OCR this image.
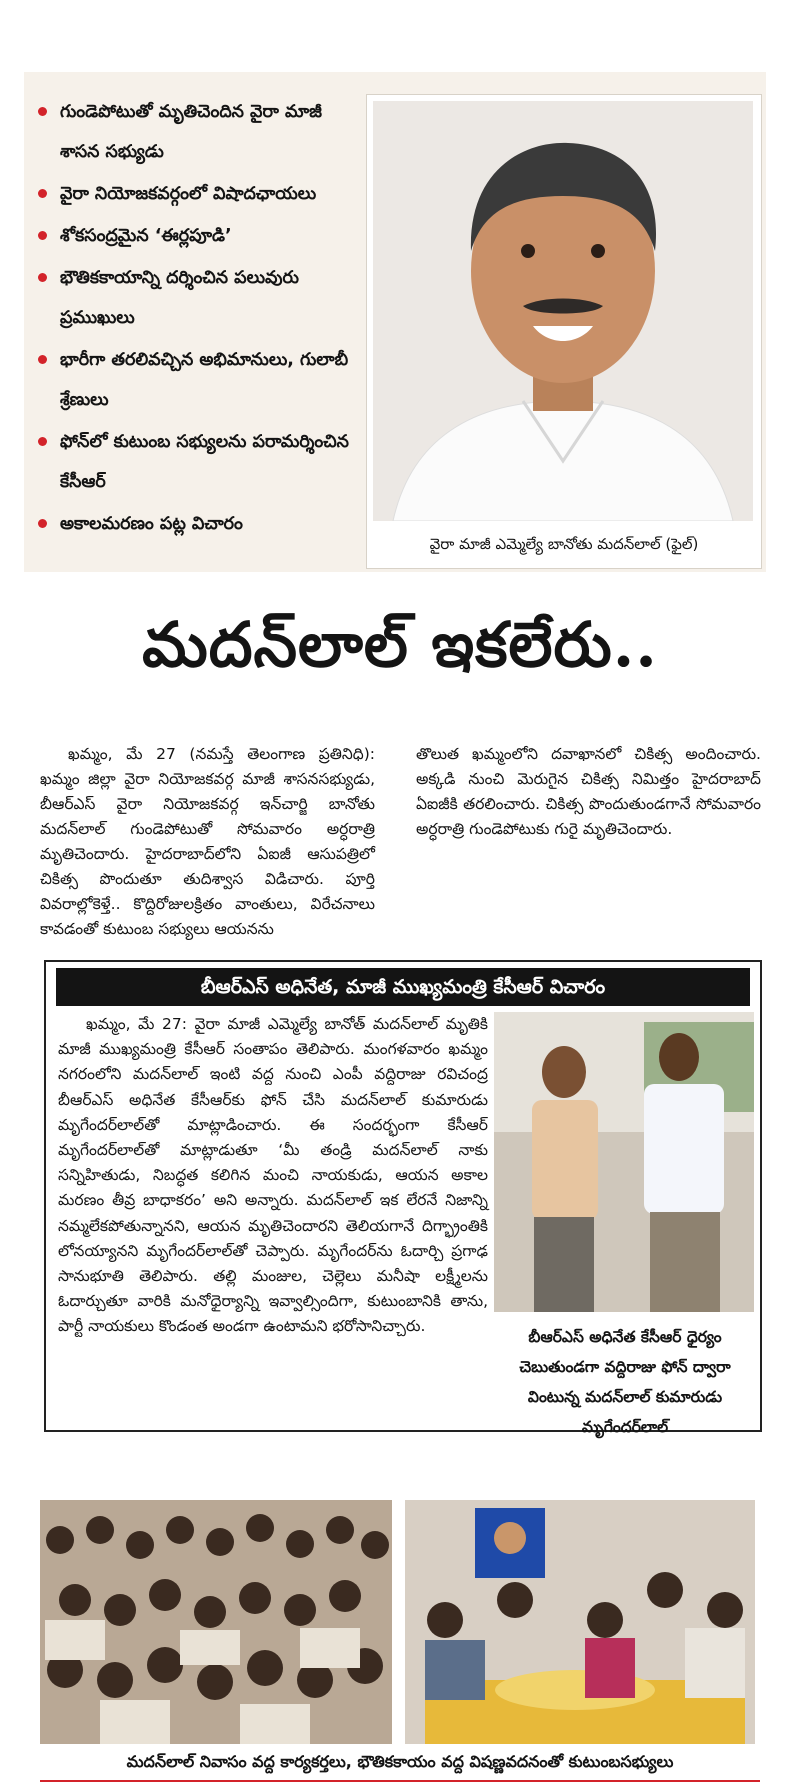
గుండెపోటుతో మృతిచెందిన వైరా మాజీ శాసన సభ్యుడు
వైరా నియోజకవర్గంలో విషాదఛాయలు
శోకసంద్రమైన ‘ఈర్లపూడి’
భౌతికకాయాన్ని దర్శించిన పలువురు ప్రముఖులు
భారీగా తరలివచ్చిన అభిమానులు, గులాబీ శ్రేణులు
ఫోన్‌లో కుటుంబ సభ్యులను పరామర్శించిన కేసీఆర్
అకాలమరణం పట్ల విచారం
వైరా మాజీ ఎమ్మెల్యే బానోతు మదన్‌లాల్ (ఫైల్)
మదన్‌లాల్ ఇకలేరు..
ఖమ్మం, మే 27 (నమస్తే తెలంగాణ ప్రతినిధి): ఖమ్మం జిల్లా వైరా నియోజకవర్గ మాజీ శాసనసభ్యుడు, బీఆర్‌ఎస్ వైరా నియోజకవర్గ ఇన్‌చార్జి బానోతు మదన్‌లాల్ గుండెపోటుతో సోమవారం అర్ధరాత్రి మృతిచెందారు. హైదరాబాద్‌లోని ఏఐజీ ఆసుపత్రిలో చికిత్స పొందుతూ తుదిశ్వాస విడిచారు. పూర్తి వివరాల్లోకెళ్తే.. కొద్దిరోజులక్రితం వాంతులు, విరేచనాలు కావడంతో కుటుంబ సభ్యులు ఆయనను
తొలుత ఖమ్మంలోని దవాఖానలో చికిత్స అందించారు. అక్కడి నుంచి మెరుగైన చికిత్స నిమిత్తం హైదరాబాద్ ఏఐజీకి తరలించారు. చికిత్స పొందుతుండగానే సోమవారం అర్ధరాత్రి గుండెపోటుకు గురై మృతిచెందారు.
బీఆర్‌ఎస్ అధినేత, మాజీ ముఖ్యమంత్రి కేసీఆర్ విచారం
ఖమ్మం, మే 27: వైరా మాజీ ఎమ్మెల్యే బానోత్ మదన్‌లాల్ మృతికి మాజీ ముఖ్యమంత్రి కేసీఆర్ సంతాపం తెలిపారు. మంగళవారం ఖమ్మం నగరంలోని మదన్‌లాల్ ఇంటి వద్ద నుంచి ఎంపీ వద్దిరాజు రవిచంద్ర బీఆర్‌ఎస్ అధినేత కేసీఆర్‌కు ఫోన్ చేసి మదన్‌లాల్ కుమారుడు మృగేందర్‌లాల్‌తో మాట్లాడించారు. ఈ సందర్భంగా కేసీఆర్ మృగేందర్‌లాల్‌తో మాట్లాడుతూ ‘మీ తండ్రి మదన్‌లాల్ నాకు సన్నిహితుడు, నిబద్ధత కలిగిన మంచి నాయకుడు, ఆయన అకాల మరణం తీవ్ర బాధాకరం’ అని అన్నారు. మదన్‌లాల్ ఇక లేరనే నిజాన్ని నమ్మలేకపోతున్నానని, ఆయన మృతిచెందారని తెలియగానే దిగ్భ్రాంతికి లోనయ్యానని మృగేందర్‌లాల్‌తో చెప్పారు. మృగేందర్‌ను ఓదార్చి ప్రగాఢ సానుభూతి తెలిపారు. తల్లి మంజుల, చెల్లెలు మనీషా లక్ష్మీలను ఓదార్చుతూ వారికి మనోధైర్యాన్ని ఇవ్వాల్సిందిగా, కుటుంబానికి తాను, పార్టీ నాయకులు కొండంత అండగా ఉంటామని భరోసానిచ్చారు.
బీఆర్‌ఎస్ అధినేత కేసీఆర్ ధైర్యం చెబుతుండగా వద్దిరాజు ఫోన్ ద్వారా వింటున్న మదన్‌లాల్ కుమారుడు మృగేందర్‌లాల్
మదన్‌లాల్ నివాసం వద్ద కార్యకర్తలు, భౌతికకాయం వద్ద విషణ్ణవదనంతో కుటుంబసభ్యులు
